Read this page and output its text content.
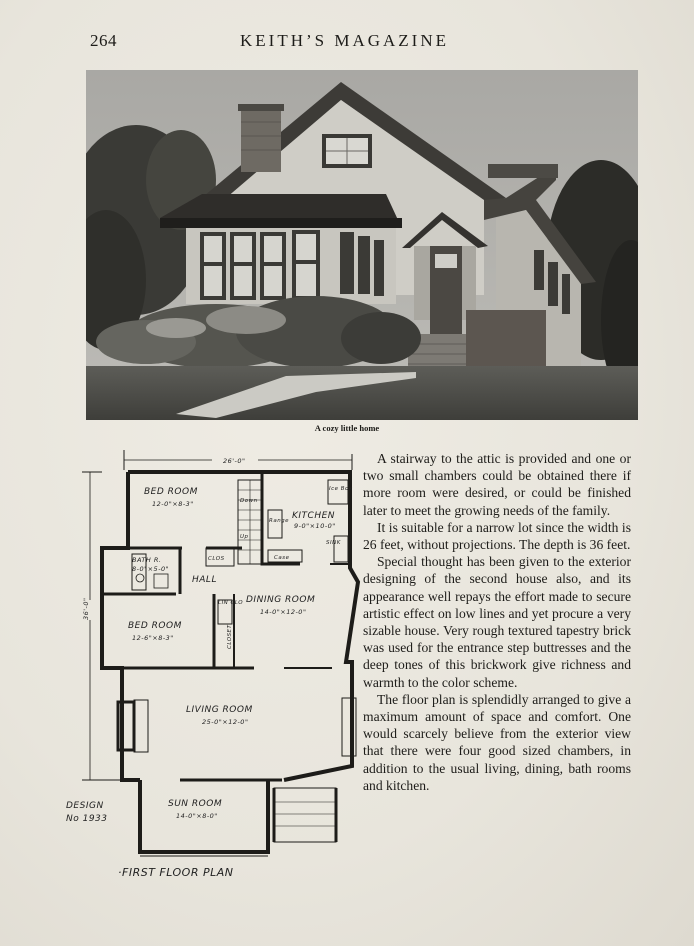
264	KEITH’S MAGAZINE
A cozy little home
26'-0"
36'-0"
BED ROOM
12-0"×8-3"
KITCHEN
9-0"×10-0"
BATH R.
8-0"×5-0"
HALL
DINING ROOM
14-0"×12-0"
BED ROOM
12-6"×8-3"
LIVING ROOM
25-0"×12-0"
SUN ROOM
14-0"×8-0"
CLOS
CLOSET
LIN CLO
Range
Case
SINK
Ice Box
Down
Up
DESIGN
No 1933
·FIRST FLOOR PLAN

A stairway to the attic is provided and one or two small chambers could be obtained there if more room were desired, or could be finished later to meet the growing needs of the family.

It is suitable for a narrow lot since the width is 26 feet, without projections. The depth is 36 feet.

Special thought has been given to the exterior designing of the second house also, and its appearance well repays the effort made to secure artistic effect on low lines and yet procure a very sizable house. Very rough textured tapestry brick was used for the entrance step buttresses and the deep tones of this brickwork give richness and warmth to the color scheme.

The floor plan is splendidly arranged to give a maximum amount of space and comfort. One would scarcely believe from the exterior view that there were four good sized chambers, in addition to the usual living, dining, bath rooms and kitchen.
